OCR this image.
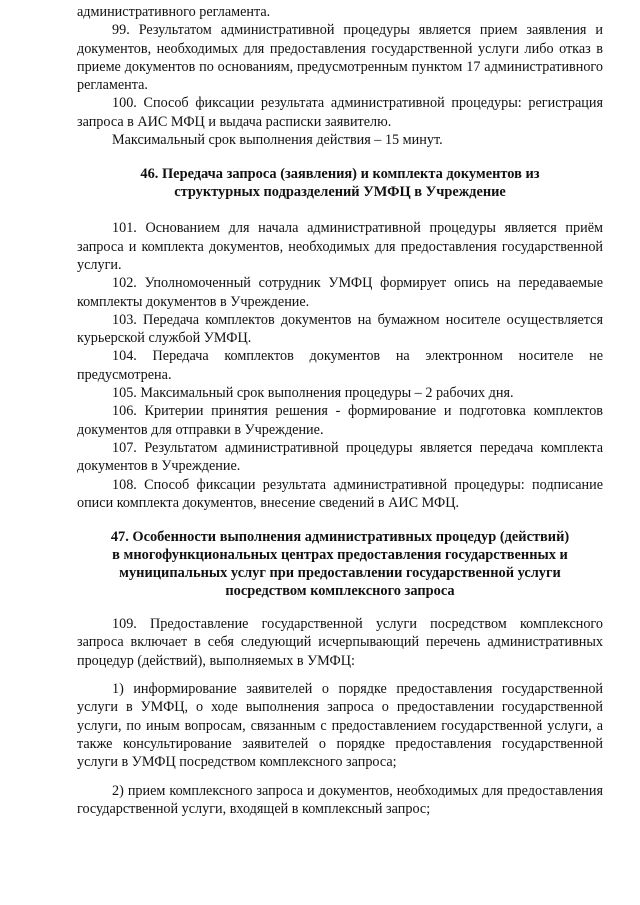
административного регламента.

99. Результатом административной процедуры является прием заявления и документов, необходимых для предоставления государственной услуги либо отказ в приеме документов по основаниям, предусмотренным пунктом 17 административного регламента.

100. Способ фиксации результата административной процедуры: регистрация запроса в АИС МФЦ и выдача расписки заявителю.

Максимальный срок выполнения действия – 15 минут.

46. Передача запроса (заявления) и комплекта документов из структурных подразделений УМФЦ в Учреждение

101. Основанием для начала административной процедуры является приём запроса и комплекта документов, необходимых для предоставления государственной услуги.

102. Уполномоченный сотрудник УМФЦ формирует опись на передаваемые комплекты документов в Учреждение.

103. Передача комплектов документов на бумажном носителе осуществляется курьерской службой УМФЦ.

104. Передача комплектов документов на электронном носителе не предусмотрена.

105. Максимальный срок выполнения процедуры – 2 рабочих дня.

106. Критерии принятия решения - формирование и подготовка комплектов документов для отправки в Учреждение.

107. Результатом административной процедуры является передача комплекта документов в Учреждение.

108. Способ фиксации результата административной процедуры: подписание описи комплекта документов, внесение сведений в АИС МФЦ.

47. Особенности выполнения административных процедур (действий) в многофункциональных центрах предоставления государственных и муниципальных услуг при предоставлении государственной услуги посредством комплексного запроса

109. Предоставление государственной услуги посредством комплексного запроса включает в себя следующий исчерпывающий перечень административных процедур (действий), выполняемых в УМФЦ:

1) информирование заявителей о порядке предоставления государственной услуги в УМФЦ, о ходе выполнения запроса о предоставлении государственной услуги, по иным вопросам, связанным с предоставлением государственной услуги, а также консультирование заявителей о порядке предоставления государственной услуги в УМФЦ посредством комплексного запроса;

2) прием комплексного запроса и документов, необходимых для предоставления государственной услуги, входящей в комплексный запрос;
